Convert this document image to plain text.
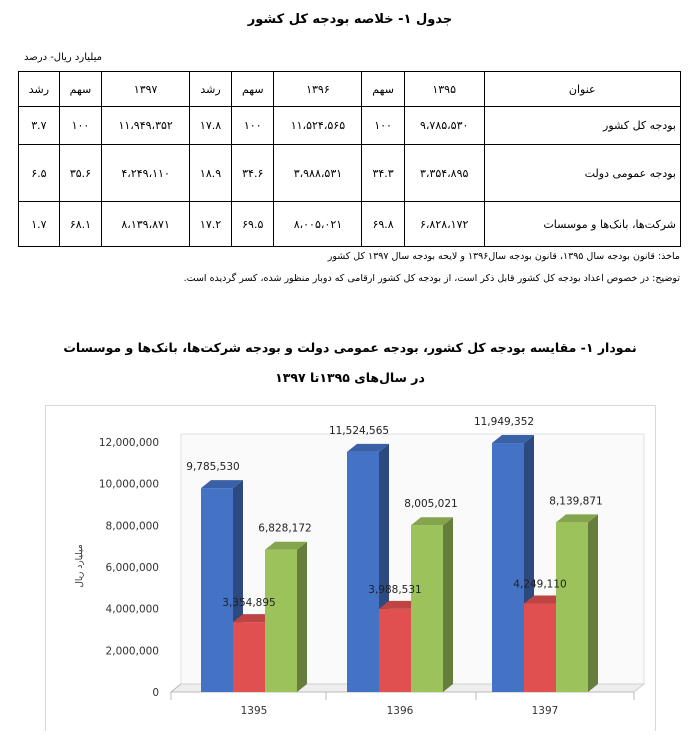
جدول ۱- خلاصه بودجه کل کشور
میلیارد ریال- درصد
عنوان	۱۳۹۵	سهم	۱۳۹۶	سهم	رشد	۱۳۹۷	سهم	رشد
بودجه کل کشور	۹،۷۸۵،۵۳۰	۱۰۰	۱۱،۵۲۴،۵۶۵	۱۰۰	۱۷.۸	۱۱،۹۴۹،۳۵۲	۱۰۰	۳.۷
بودجه عمومی دولت	۳،۳۵۴،۸۹۵	۳۴.۳	۳،۹۸۸،۵۳۱	۳۴.۶	۱۸.۹	۴،۲۴۹،۱۱۰	۳۵.۶	۶.۵
شرکت‌ها، بانک‌ها و موسسات	۶،۸۲۸،۱۷۲	۶۹.۸	۸،۰۰۵،۰۲۱	۶۹.۵	۱۷.۲	۸،۱۳۹،۸۷۱	۶۸.۱	۱.۷
ماخذ: قانون بودجه سال ۱۳۹۵، قانون بودجه سال۱۳۹۶ و لایحه بودجه سال ۱۳۹۷ کل کشور
توضیح: در خصوص اعداد بودجه کل کشور قابل ذکر است، از بودجه کل کشور ارقامی که دوبار منظور شده، کسر گردیده است.
نمودار ۱- مقایسه بودجه کل کشور، بودجه عمومی دولت و بودجه شرکت‌ها، بانک‌ها و موسسات
در سال‌های ۱۳۹۵تا ۱۳۹۷
0
2,000,000
4,000,000
6,000,000
8,000,000
10,000,000
12,000,000
میلیارد ریال
9,785,530
3,354,895
6,828,172
1395
11,524,565
3,988,531
8,005,021
1396
11,949,352
4,249,110
8,139,871
1397
